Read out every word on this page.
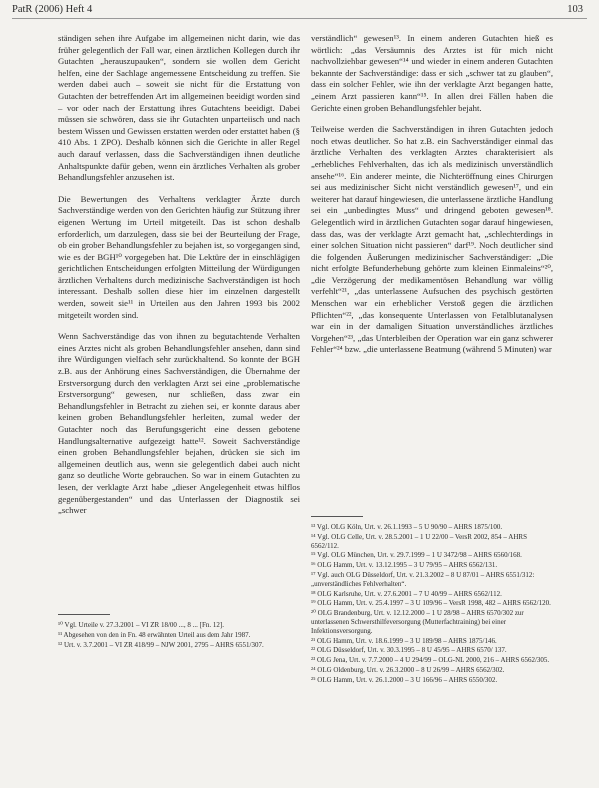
PatR (2006) Heft 4	103

ständigen sehen ihre Aufgabe im allgemeinen nicht darin, wie das früher gelegentlich der Fall war, einen ärztlichen Kollegen durch ihr Gutachten „herauszupauken“, sondern sie wollen dem Gericht helfen, eine der Sachlage angemessene Entscheidung zu treffen. Sie werden dabei auch – soweit sie nicht für die Erstattung von Gutachten der betreffenden Art im allgemeinen beeidigt worden sind – vor oder nach der Erstattung ihres Gutachtens beeidigt. Dabei müssen sie schwören, dass sie ihr Gutachten unparteiisch und nach bestem Wissen und Gewissen erstatten werden oder erstattet haben (§ 410 Abs. 1 ZPO). Deshalb können sich die Gerichte in aller Regel auch darauf verlassen, dass die Sachverständigen ihnen deutliche Anhaltspunkte dafür geben, wenn ein ärztliches Verhalten als grober Behandlungsfehler anzusehen ist.

Die Bewertungen des Verhaltens verklagter Ärzte durch Sachverständige werden von den Gerichten häufig zur Stützung ihrer eigenen Wertung im Urteil mitgeteilt. Das ist schon deshalb erforderlich, um darzulegen, dass sie bei der Beurteilung der Frage, ob ein grober Behandlungsfehler zu bejahen ist, so vorgegangen sind, wie es der BGH¹⁰ vorgegeben hat. Die Lektüre der in einschlägigen gerichtlichen Entscheidungen erfolgten Mitteilung der Würdigungen ärztlichen Verhaltens durch medizinische Sachverständigen ist hoch interessant. Deshalb sollen diese hier im einzelnen dargestellt werden, soweit sie¹¹ in Urteilen aus den Jahren 1993 bis 2002 mitgeteilt worden sind.

Wenn Sachverständige das von ihnen zu begutachtende Verhalten eines Arztes nicht als groben Behandlungsfehler ansehen, dann sind ihre Würdigungen vielfach sehr zurückhaltend. So konnte der BGH z.B. aus der Anhörung eines Sachverständigen, die Übernahme der Erstversorgung durch den verklagten Arzt sei eine „problematische Erstversorgung“ gewesen, nur schließen, dass zwar ein Behandlungsfehler in Betracht zu ziehen sei, er konnte daraus aber keinen groben Behandlungsfehler herleiten, zumal weder der Gutachter noch das Berufungsgericht eine dessen gebotene Handlungsalternative aufgezeigt hatte¹². Soweit Sachverständige einen groben Behandlungsfehler bejahen, drücken sie sich im allgemeinen deutlich aus, wenn sie gelegentlich dabei auch nicht ganz so deutliche Worte gebrauchen. So war in einem Gutachten zu lesen, der verklagte Arzt habe „dieser Angelegenheit etwas hilflos gegenübergestanden“ und das Unterlassen der Diagnostik sei „schwer

¹⁰ Vgl. Urteile v. 27.3.2001 – VI ZR 18/00 ..., 8 ... [Fn. 12].
¹¹ Abgesehen von den in Fn. 48 erwähnten Urteil aus dem Jahr 1987.
¹² Urt. v. 3.7.2001 – VI ZR 418/99 – NJW 2001, 2795 – AHRS 6551/307.

verständlich“ gewesen¹³. In einem anderen Gutachten hieß es wörtlich: „das Versäumnis des Arztes ist für mich nicht nachvollziehbar gewesen“¹⁴ und wieder in einem anderen Gutachten bekannte der Sachverständige: dass er sich „schwer tat zu glauben“, dass ein solcher Fehler, wie ihn der verklagte Arzt begangen hatte, „einem Arzt passieren kann“¹⁵. In allen drei Fällen haben die Gerichte einen groben Behandlungsfehler bejaht.

Teilweise werden die Sachverständigen in ihren Gutachten jedoch noch etwas deutlicher. So hat z.B. ein Sachverständiger einmal das ärztliche Verhalten des verklagten Arztes charakterisiert als „erhebliches Fehlverhalten, das ich als medizinisch unverständlich ansehe“¹⁶. Ein anderer meinte, die Nichteröffnung eines Chirurgen sei aus medizinischer Sicht nicht verständlich gewesen¹⁷, und ein weiterer hat darauf hingewiesen, die unterlassene ärztliche Handlung sei ein „unbedingtes Muss“ und dringend geboten gewesen¹⁸. Gelegentlich wird in ärztlichen Gutachten sogar darauf hingewiesen, dass das, was der verklagte Arzt gemacht hat, „schlechterdings in einer solchen Situation nicht passieren“ darf¹⁹. Noch deutlicher sind die folgenden Äußerungen medizinischer Sachverständiger: „Die nicht erfolgte Befunderhebung gehörte zum kleinen Einmaleins“²⁰, „die Verzögerung der medikamentösen Behandlung war völlig verfehlt“²¹, „das unterlassene Aufsuchen des psychisch gestörten Menschen war ein erheblicher Verstoß gegen die ärztlichen Pflichten“²², „das konsequente Unterlassen von Fetalblutanalysen war ein in der damaligen Situation unverständliches ärztliches Vorgehen“²³, „das Unterbleiben der Operation war ein ganz schwerer Fehler“²⁴ bzw. „die unterlassene Beatmung (während 5 Minuten) war

¹³ Vgl. OLG Köln, Urt. v. 26.1.1993 – 5 U 90/90 – AHRS 1875/100.
¹⁴ Vgl. OLG Celle, Urt. v. 28.5.2001 – 1 U 22/00 – VersR 2002, 854 – AHRS 6562/112.
¹⁵ Vgl. OLG München, Urt. v. 29.7.1999 – 1 U 3472/98 – AHRS 6560/168.
¹⁶ OLG Hamm, Urt. v. 13.12.1995 – 3 U 79/95 – AHRS 6562/131.
¹⁷ Vgl. auch OLG Düsseldorf, Urt. v. 21.3.2002 – 8 U 87/01 – AHRS 6551/312: „unverständliches Fehlverhalten“.
¹⁸ OLG Karlsruhe, Urt. v. 27.6.2001 – 7 U 40/99 – AHRS 6562/112.
¹⁹ OLG Hamm, Urt. v. 25.4.1997 – 3 U 109/96 – VersR 1998, 482 – AHRS 6562/120.
²⁰ OLG Brandenburg, Urt. v. 12.12.2000 – 1 U 28/98 – AHRS 6570/302 zur unterlassenen Schwersthilfeversorgung (Mutterfachtraining) bei einer Infektionsversorgung.
²¹ OLG Hamm, Urt. v. 18.6.1999 – 3 U 189/98 – AHRS 1875/146.
²² OLG Düsseldorf, Urt. v. 30.3.1995 – 8 U 45/95 – AHRS 6570/ 137.
²³ OLG Jena, Urt. v. 7.7.2000 – 4 U 294/99 – OLG-NL 2000, 216 – AHRS 6562/305.
²⁴ OLG Oldenburg, Urt. v. 26.3.2000 – 8 U 26/99 – AHRS 6562/302.
²⁵ OLG Hamm, Urt. v. 26.1.2000 – 3 U 166/96 – AHRS 6550/302.
